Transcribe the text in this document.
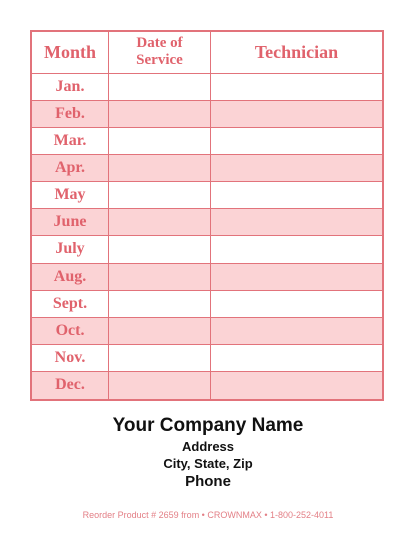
Month	Date of
Service	Technician
Jan.
Feb.
Mar.
Apr.
May
June
July
Aug.
Sept.
Oct.
Nov.
Dec.
Your Company Name
Address
City, State, Zip
Phone
Reorder Product # 2659 from • CROWNMAX • 1-800-252-4011
